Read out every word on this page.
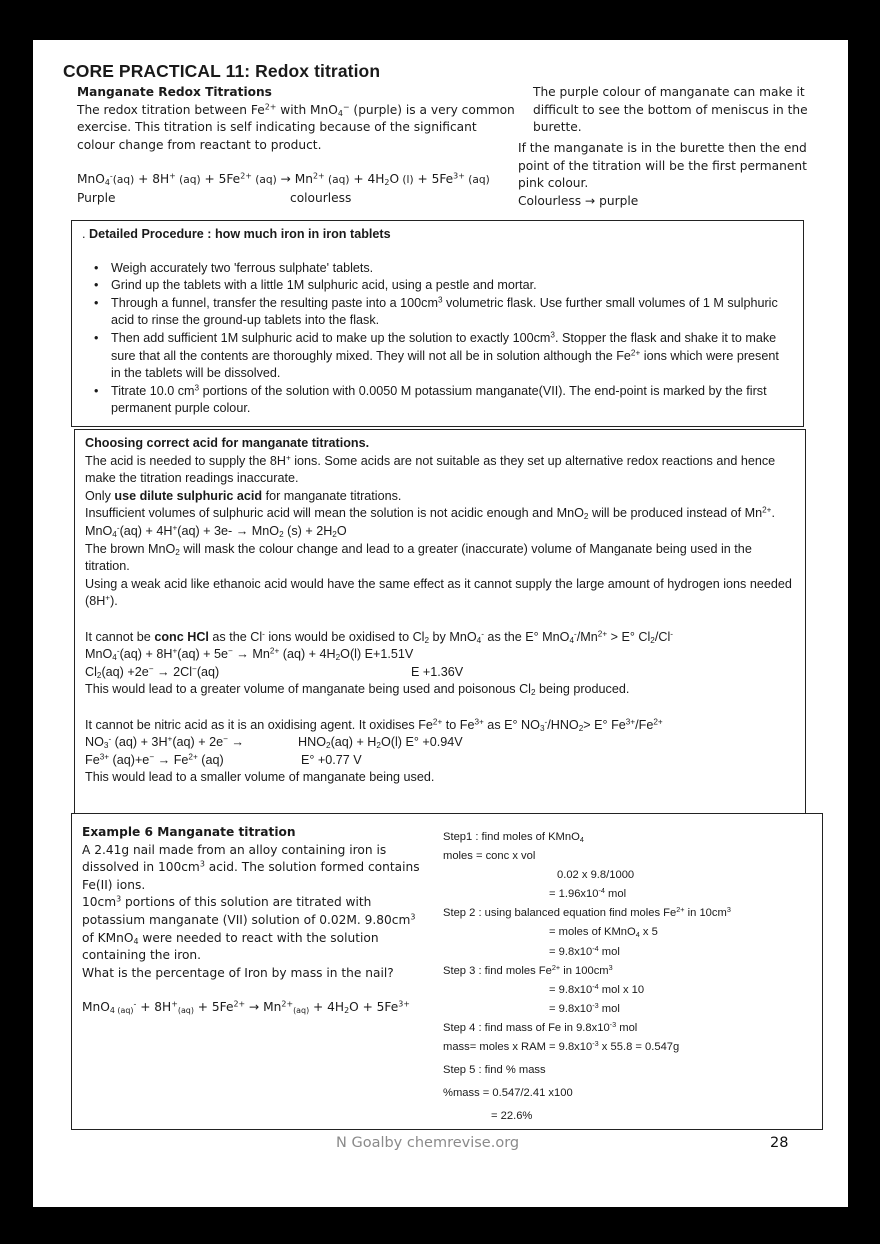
CORE PRACTICAL 11: Redox titration
Manganate Redox Titrations
The redox titration between $Fe^{2+}$ with MnO$_4$− (purple) is a very common exercise. This titration is self indicating because of the significant colour change from reactant to product.
MnO$_4$-(aq) + 8H+ $(aq) + 5Fe^{2+}$ $(aq) \to Mn^{2+}$ $(aq) + 4H_2O$ $(l) + 5Fe^{3+}$ (aq)
Purple	colourless
The purple colour of manganate can make it difficult to see the bottom of meniscus in the burette.
If the manganate is in the burette then the end point of the titration will be the first permanent pink colour.
Colourless → purple
. Detailed Procedure : how much iron in iron tablets
• Weigh accurately two 'ferrous sulphate' tablets.
• Grind up the tablets with a little 1M sulphuric acid, using a pestle and mortar.
• Through a funnel, transfer the resulting paste into a $100cm^3$ volumetric flask. Use further small volumes of 1 M sulphuric acid to rinse the ground-up tablets into the flask.
• Then add sufficient 1M sulphuric acid to make up the solution to exactly $100cm^3$. Stopper the flask and shake it to make sure that all the contents are thoroughly mixed. They will not all be in solution although the $Fe^{2+}$ ions which were present in the tablets will be dissolved.
• Titrate 10.0 $cm^3$ portions of the solution with 0.0050 M potassium manganate(VII). The end-point is marked by the first permanent purple colour.
Choosing correct acid for manganate titrations.
The acid is needed to supply the 8H+ ions. Some acids are not suitable as they set up alternative redox reactions and hence make the titration readings inaccurate.
Only use dilute sulphuric acid for manganate titrations.
Insufficient volumes of sulphuric acid will mean the solution is not acidic enough and MnO$_2$ will be produced instead of $Mn^{2+}$.
MnO$_4$-(aq) + 4H+(aq) + 3e- → MnO$_2$ $(s) + 2H_2O$
The brown MnO$_2$ will mask the colour change and lead to a greater (inaccurate) volume of Manganate being used in the titration.
Using a weak acid like ethanoic acid would have the same effect as it cannot supply the large amount of hydrogen ions needed (8H+).
It cannot be conc HCl as the Cl- ions would be oxidised to $Cl_2$ by MnO$_4$- as the E° $MnO_4^-/Mn^{2+} > E^\circ$ $Cl_2/Cl^-$
$MnO_4^-(aq) + 8H^+(aq) + 5e^- \to Mn^{2+}$ $(aq) + 4H_2O(l)$ E+1.51V
$Cl_2(aq) +2e^- \to 2Cl^-(aq)$	E +1.36V
This would lead to a greater volume of manganate being used and poisonous $Cl_2$ being produced.
It cannot be nitric acid as it is an oxidising agent. It oxidises $Fe^{2+}$ to $Fe^{3+}$ as E° $NO_3^-/HNO_2> E^\circ$ $Fe^{3+}/Fe^{2+}$
$NO_3^-$ (aq) + 3H+(aq) + 2e− →	$HNO_2(aq) + H_2O(l)$ E° +0.94V
$Fe^{3+}$ $(aq)+e^- \to Fe^{2+}$ (aq)	E° +0.77 V
This would lead to a smaller volume of manganate being used.
Example 6 Manganate titration
A 2.41g nail made from an alloy containing iron is dissolved in $100cm^3$ acid. The solution formed contains Fe(II) ions.
$10cm^3$ portions of this solution are titrated with potassium manganate (VII) solution of 0.02M. $9.80cm^3$ of KMnO$_4$ were needed to react with the solution containing the iron.
What is the percentage of Iron by mass in the nail?
$MnO_{4 (aq)}^- + 8H^+_{(aq)} + 5Fe^{2+} \to Mn^{2+}_{(aq)} + 4H_2O + 5Fe^{3+}$
Step1 : find moles of KMnO$_4$
moles = conc x vol
0.02 x 9.8/1000
= $1.96x10^{-4}$ mol
Step 2 : using balanced equation find moles $Fe^{2+}$ in $10cm^3$
= moles of KMnO$_4$ x 5
= $9.8x10^{-4}$ mol
Step 3 : find moles $Fe^{2+}$ in $100cm^3$
= $9.8x10^{-4}$ mol x 10
= $9.8x10^{-3}$ mol
Step 4 : find mass of Fe in $9.8x10^{-3}$ mol
mass= moles x RAM = $9.8x10^{-3}$ x 55.8 = 0.547g
Step 5 : find % mass
%mass = 0.547/2.41 x100
= 22.6%
N Goalby chemrevise.org	28
